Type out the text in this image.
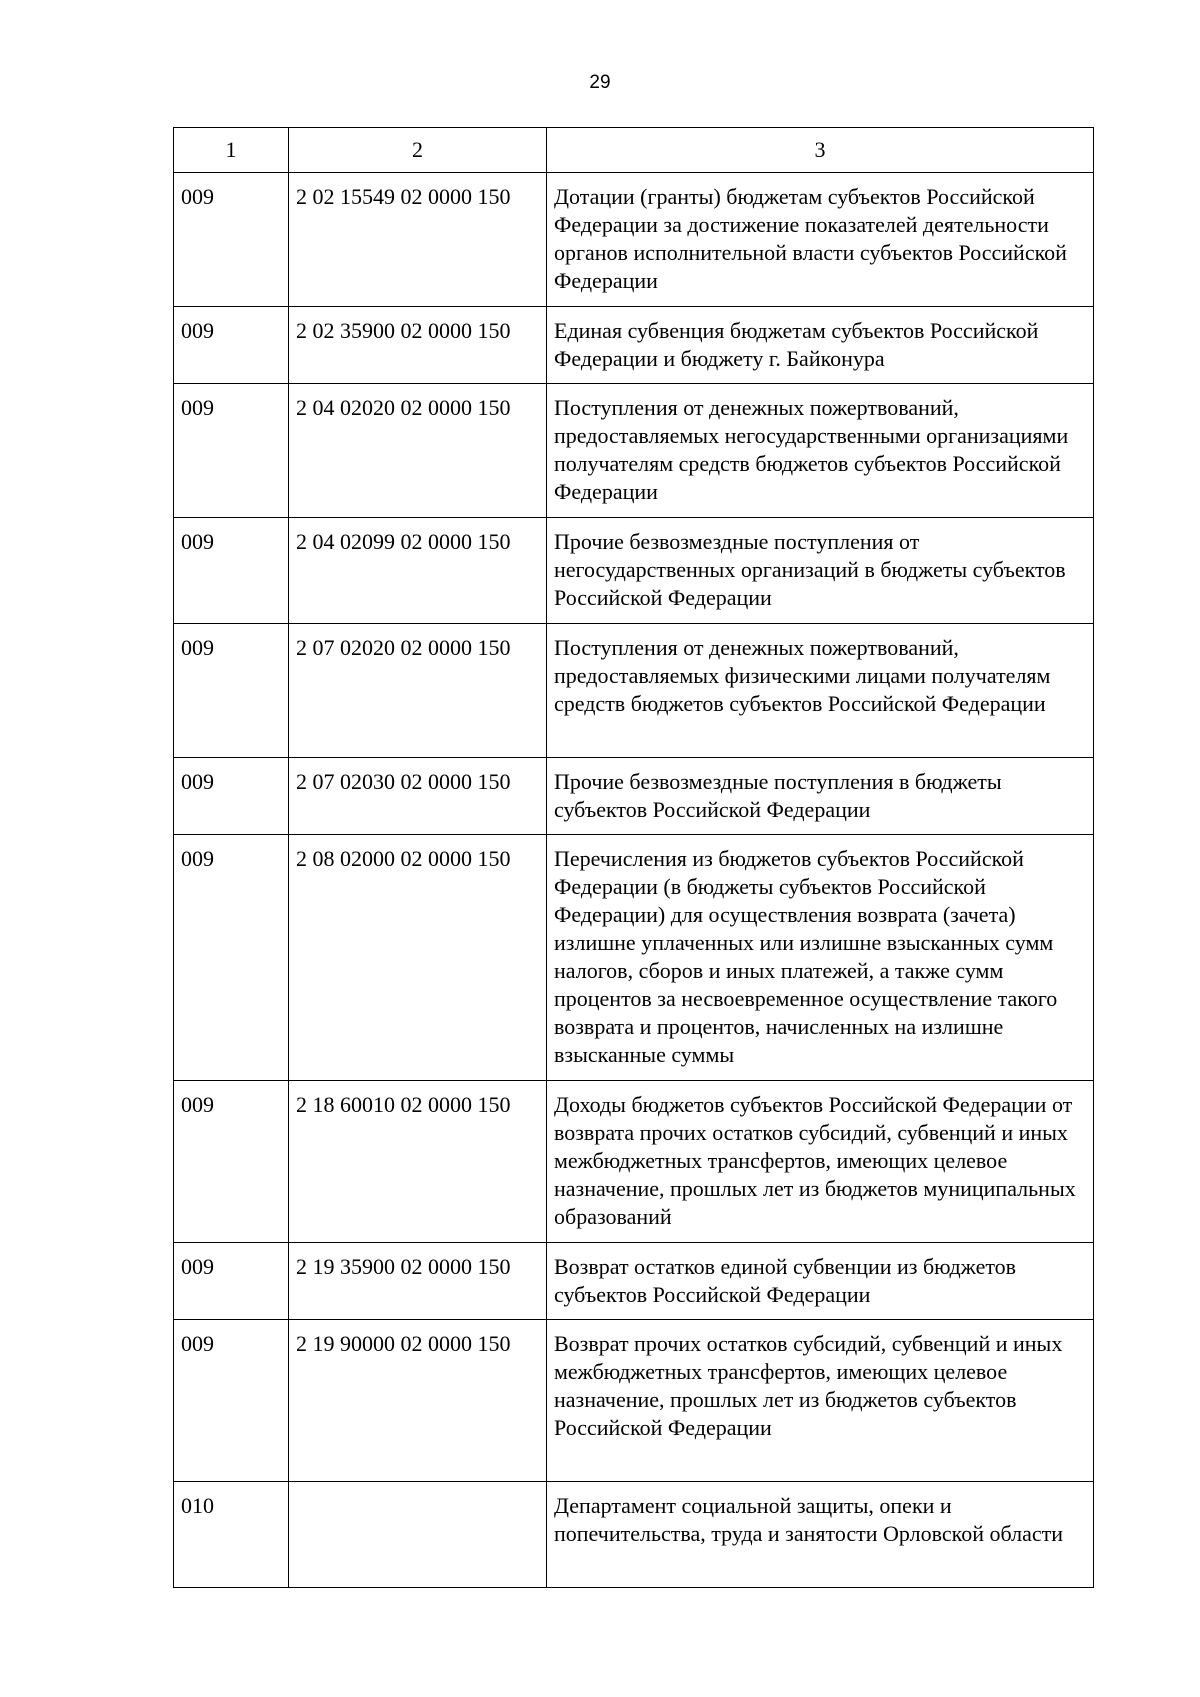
29
1	2	3
009	2 02 15549 02 0000 150	Дотации (гранты) бюджетам субъектов Российской Федерации за достижение показателей деятельности органов исполнительной власти субъектов Российской Федерации
009	2 02 35900 02 0000 150	Единая субвенция бюджетам субъектов Российской Федерации и бюджету г. Байконура
009	2 04 02020 02 0000 150	Поступления от денежных пожертвований, предоставляемых негосударственными организациями получателям средств бюджетов субъектов Российской Федерации
009	2 04 02099 02 0000 150	Прочие безвозмездные поступления от негосударственных организаций в бюджеты субъектов Российской Федерации
009	2 07 02020 02 0000 150	Поступления от денежных пожертвований, предоставляемых физическими лицами получателям средств бюджетов субъектов Российской Федерации
009	2 07 02030 02 0000 150	Прочие безвозмездные поступления в бюджеты субъектов Российской Федерации
009	2 08 02000 02 0000 150	Перечисления из бюджетов субъектов Российской Федерации (в бюджеты субъектов Российской Федерации) для осуществления возврата (зачета) излишне уплаченных или излишне взысканных сумм налогов, сборов и иных платежей, а также сумм процентов за несвоевременное осуществление такого возврата и процентов, начисленных на излишне взысканные суммы
009	2 18 60010 02 0000 150	Доходы бюджетов субъектов Российской Федерации от возврата прочих остатков субсидий, субвенций и иных межбюджетных трансфертов, имеющих целевое назначение, прошлых лет из бюджетов муниципальных образований
009	2 19 35900 02 0000 150	Возврат остатков единой субвенции из бюджетов субъектов Российской Федерации
009	2 19 90000 02 0000 150	Возврат прочих остатков субсидий, субвенций и иных межбюджетных трансфертов, имеющих целевое назначение, прошлых лет из бюджетов субъектов Российской Федерации
010		Департамент социальной защиты, опеки и попечительства, труда и занятости Орловской области
